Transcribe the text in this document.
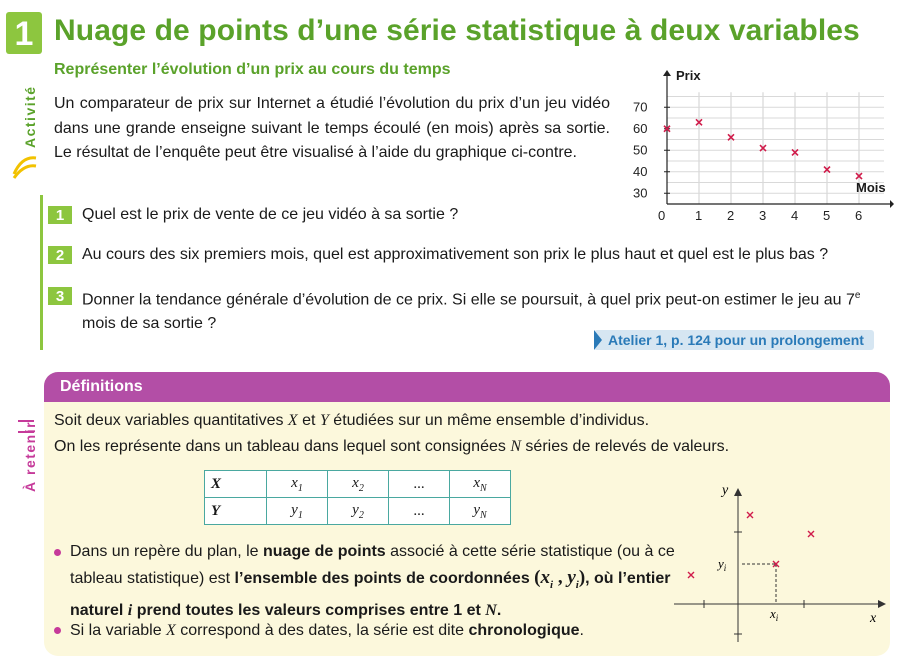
1 Nuage de points d’une série statistique à deux variables
Représenter l’évolution d’un prix au cours du temps
Activité Un comparateur de prix sur Internet a étudié l’évolution du prix d’un jeu vidéo dans une grande enseigne suivant le temps écoulé (en mois) après sa sortie. Le résultat de l’enquête peut être visualisé à l’aide du graphique ci-contre.
0 1 2 3 4 5 6
30
40
50
60
70
Prix
Mois
1	Quel est le prix de vente de ce jeu vidéo à sa sortie ?
2	Au cours des six premiers mois, quel est approximativement son prix le plus haut et quel est le plus bas ?
3	Donner la tendance générale d’évolution de ce prix. Si elle se poursuit, à quel prix peut-on estimer le jeu au 7e mois de sa sortie ?
Atelier 1, p. 124 pour un prolongement
À retenir
Définitions
Soit deux variables quantitatives X et Y étudiées sur un même ensemble d’individus.
On les représente dans un tableau dans lequel sont consignées N séries de relevés de valeurs.
X	$x_1$	$x_2$	...	$x_N$
Y	$y_1$	$y_2$	...	$y_N$
Dans un repère du plan, le nuage de points associé à cette série statistique (ou à ce tableau statistique) est l’ensemble des points de coordonnées ($x_i$ , $y_i$), où l’entier naturel i prend toutes les valeurs comprises entre 1 et N.
Si la variable X correspond à des dates, la série est dite chronologique.
y
x
$y_i$
$x_i$
